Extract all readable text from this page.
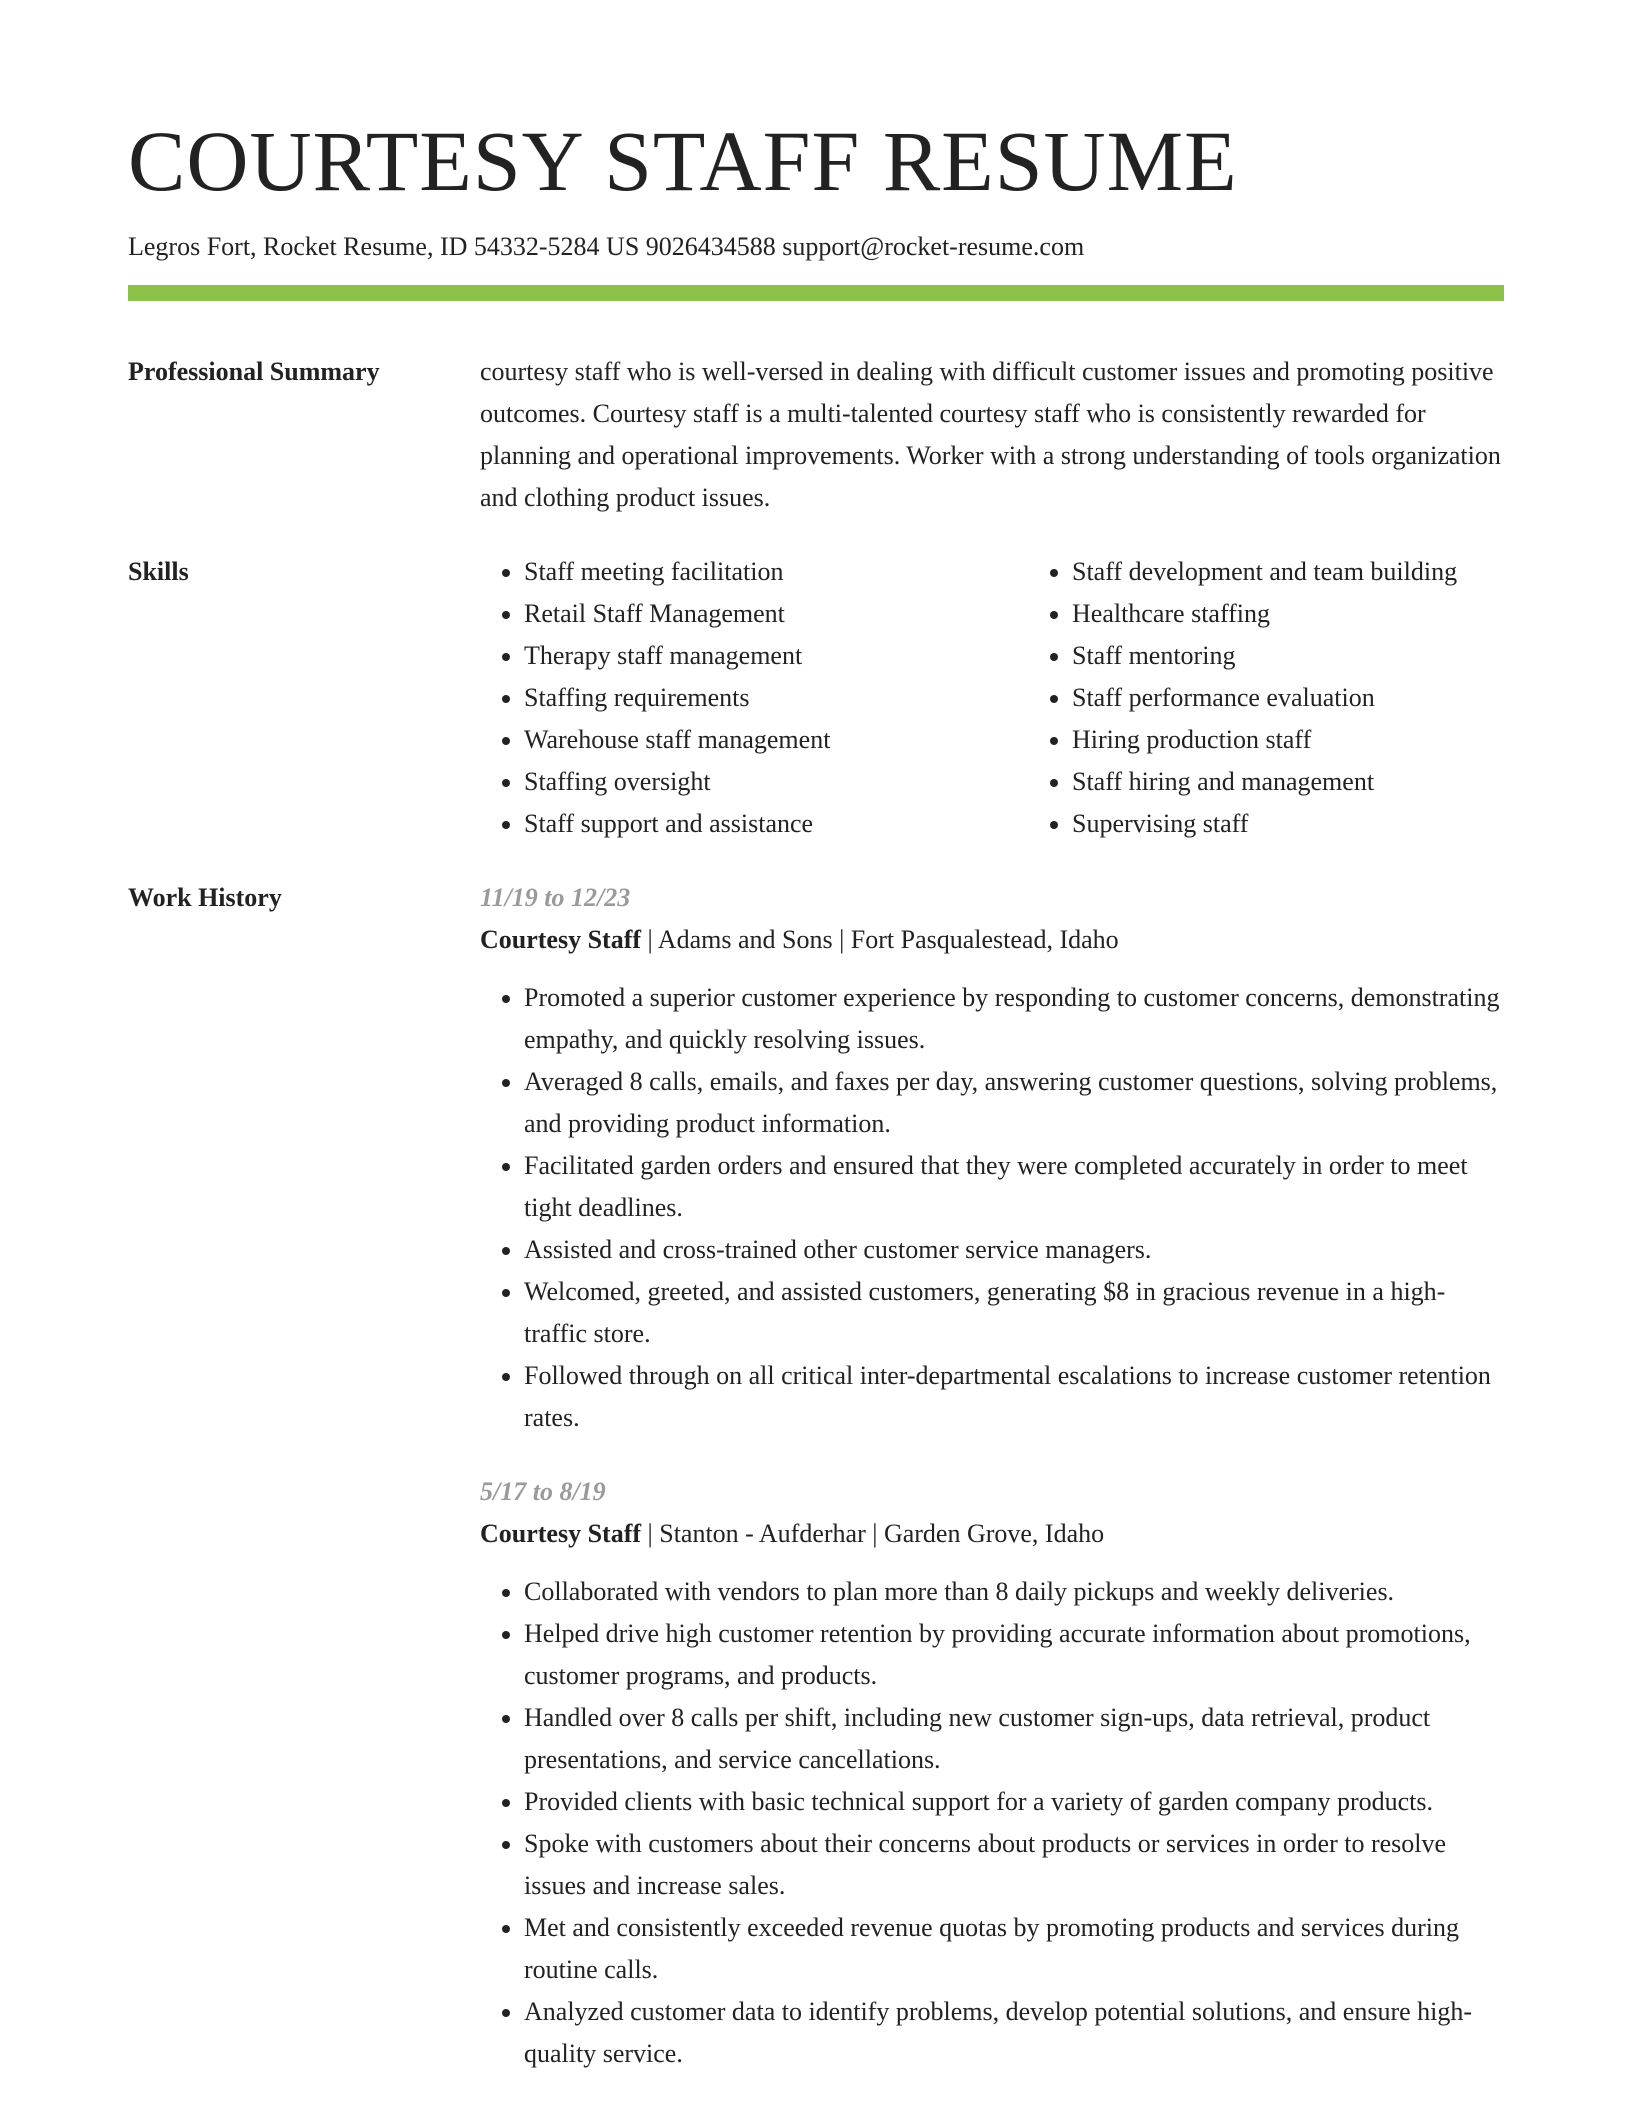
COURTESY STAFF RESUME
Legros Fort, Rocket Resume, ID 54332-5284 US 9026434588 support@rocket-resume.com
Professional Summary	courtesy staff who is well-versed in dealing with difficult customer issues and promoting positive outcomes. Courtesy staff is a multi-talented courtesy staff who is consistently rewarded for planning and operational improvements. Worker with a strong understanding of tools organization and clothing product issues.
Skills
•	Staff meeting facilitation
• Retail Staff Management
• Therapy staff management
• Staffing requirements
• Warehouse staff management
• Staffing oversight
• Staff support and assistance
• Staff development and team building
• Healthcare staffing
• Staff mentoring
• Staff performance evaluation
• Hiring production staff
• Staff hiring and management
• Supervising staff
Work History	11/19 to 12/23
Courtesy Staff | Adams and Sons | Fort Pasqualestead, Idaho
• Promoted a superior customer experience by responding to customer concerns, demonstrating empathy, and quickly resolving issues.
• Averaged 8 calls, emails, and faxes per day, answering customer questions, solving problems, and providing product information.
• Facilitated garden orders and ensured that they were completed accurately in order to meet tight deadlines.
• Assisted and cross-trained other customer service managers.
• Welcomed, greeted, and assisted customers, generating $8 in gracious revenue in a high-traffic store.
• Followed through on all critical inter-departmental escalations to increase customer retention rates.
5/17 to 8/19
Courtesy Staff | Stanton - Aufderhar | Garden Grove, Idaho
• Collaborated with vendors to plan more than 8 daily pickups and weekly deliveries.
• Helped drive high customer retention by providing accurate information about promotions, customer programs, and products.
• Handled over 8 calls per shift, including new customer sign-ups, data retrieval, product presentations, and service cancellations.
• Provided clients with basic technical support for a variety of garden company products.
• Spoke with customers about their concerns about products or services in order to resolve issues and increase sales.
• Met and consistently exceeded revenue quotas by promoting products and services during routine calls.
• Analyzed customer data to identify problems, develop potential solutions, and ensure high-quality service.
